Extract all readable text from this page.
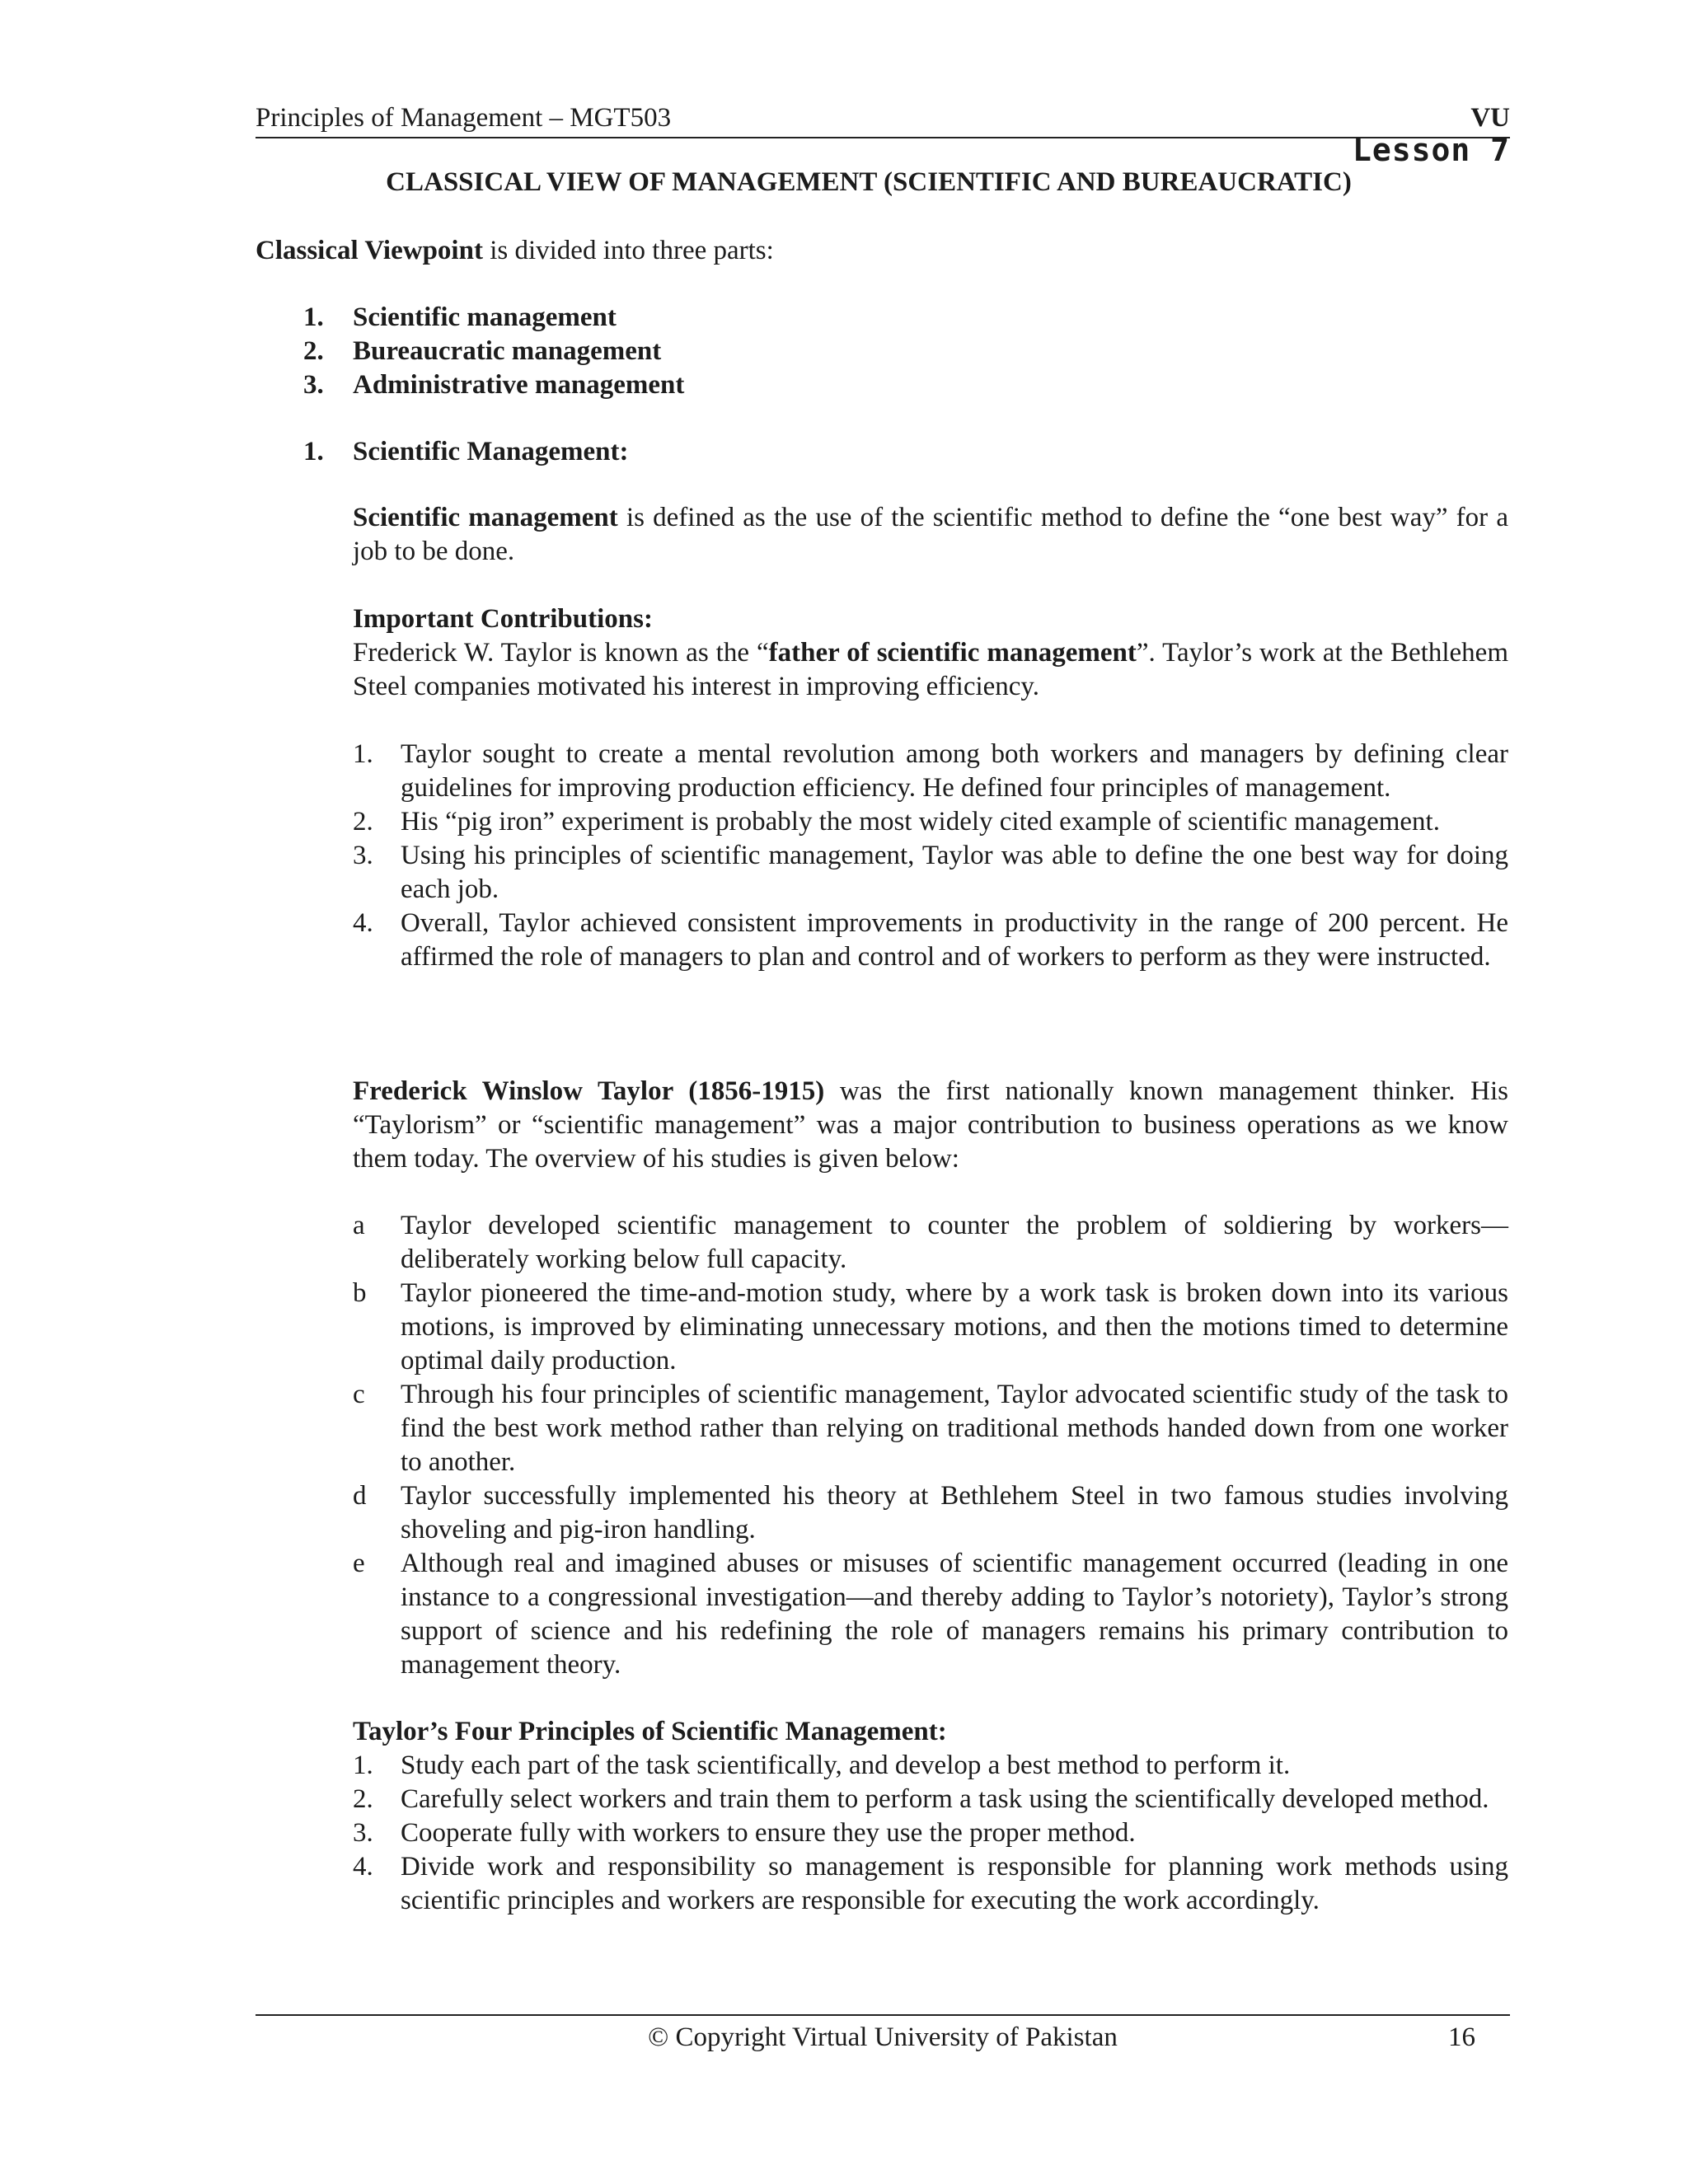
Principles of Management – MGT503	VU
Lesson 7
CLASSICAL VIEW OF MANAGEMENT (SCIENTIFIC AND BUREAUCRATIC)
Classical Viewpoint is divided into three parts:
1.	Scientific management
2.	Bureaucratic management
3.	Administrative management
1. Scientific Management:
Scientific management is defined as the use of the scientific method to define the “one best way” for a job to be done.
Important Contributions:
Frederick W. Taylor is known as the “father of scientific management”. Taylor’s work at the Bethlehem Steel companies motivated his interest in improving efficiency.
1. Taylor sought to create a mental revolution among both workers and managers by defining clear guidelines for improving production efficiency. He defined four principles of management.
2. His “pig iron” experiment is probably the most widely cited example of scientific management.
3. Using his principles of scientific management, Taylor was able to define the one best way for doing each job.
4. Overall, Taylor achieved consistent improvements in productivity in the range of 200 percent. He affirmed the role of managers to plan and control and of workers to perform as they were instructed.
Frederick Winslow Taylor (1856-1915) was the first nationally known management thinker. His “Taylorism” or “scientific management” was a major contribution to business operations as we know them today. The overview of his studies is given below:
a Taylor developed scientific management to counter the problem of soldiering by workers—deliberately working below full capacity.
b Taylor pioneered the time-and-motion study, where by a work task is broken down into its various motions, is improved by eliminating unnecessary motions, and then the motions timed to determine optimal daily production.
c Through his four principles of scientific management, Taylor advocated scientific study of the task to find the best work method rather than relying on traditional methods handed down from one worker to another.
d Taylor successfully implemented his theory at Bethlehem Steel in two famous studies involving shoveling and pig-iron handling.
e Although real and imagined abuses or misuses of scientific management occurred (leading in one instance to a congressional investigation—and thereby adding to Taylor’s notoriety), Taylor’s strong support of science and his redefining the role of managers remains his primary contribution to management theory.
Taylor’s Four Principles of Scientific Management:
1. Study each part of the task scientifically, and develop a best method to perform it.
2. Carefully select workers and train them to perform a task using the scientifically developed method.
3. Cooperate fully with workers to ensure they use the proper method.
4. Divide work and responsibility so management is responsible for planning work methods using scientific principles and workers are responsible for executing the work accordingly.
© Copyright Virtual University of Pakistan	16
